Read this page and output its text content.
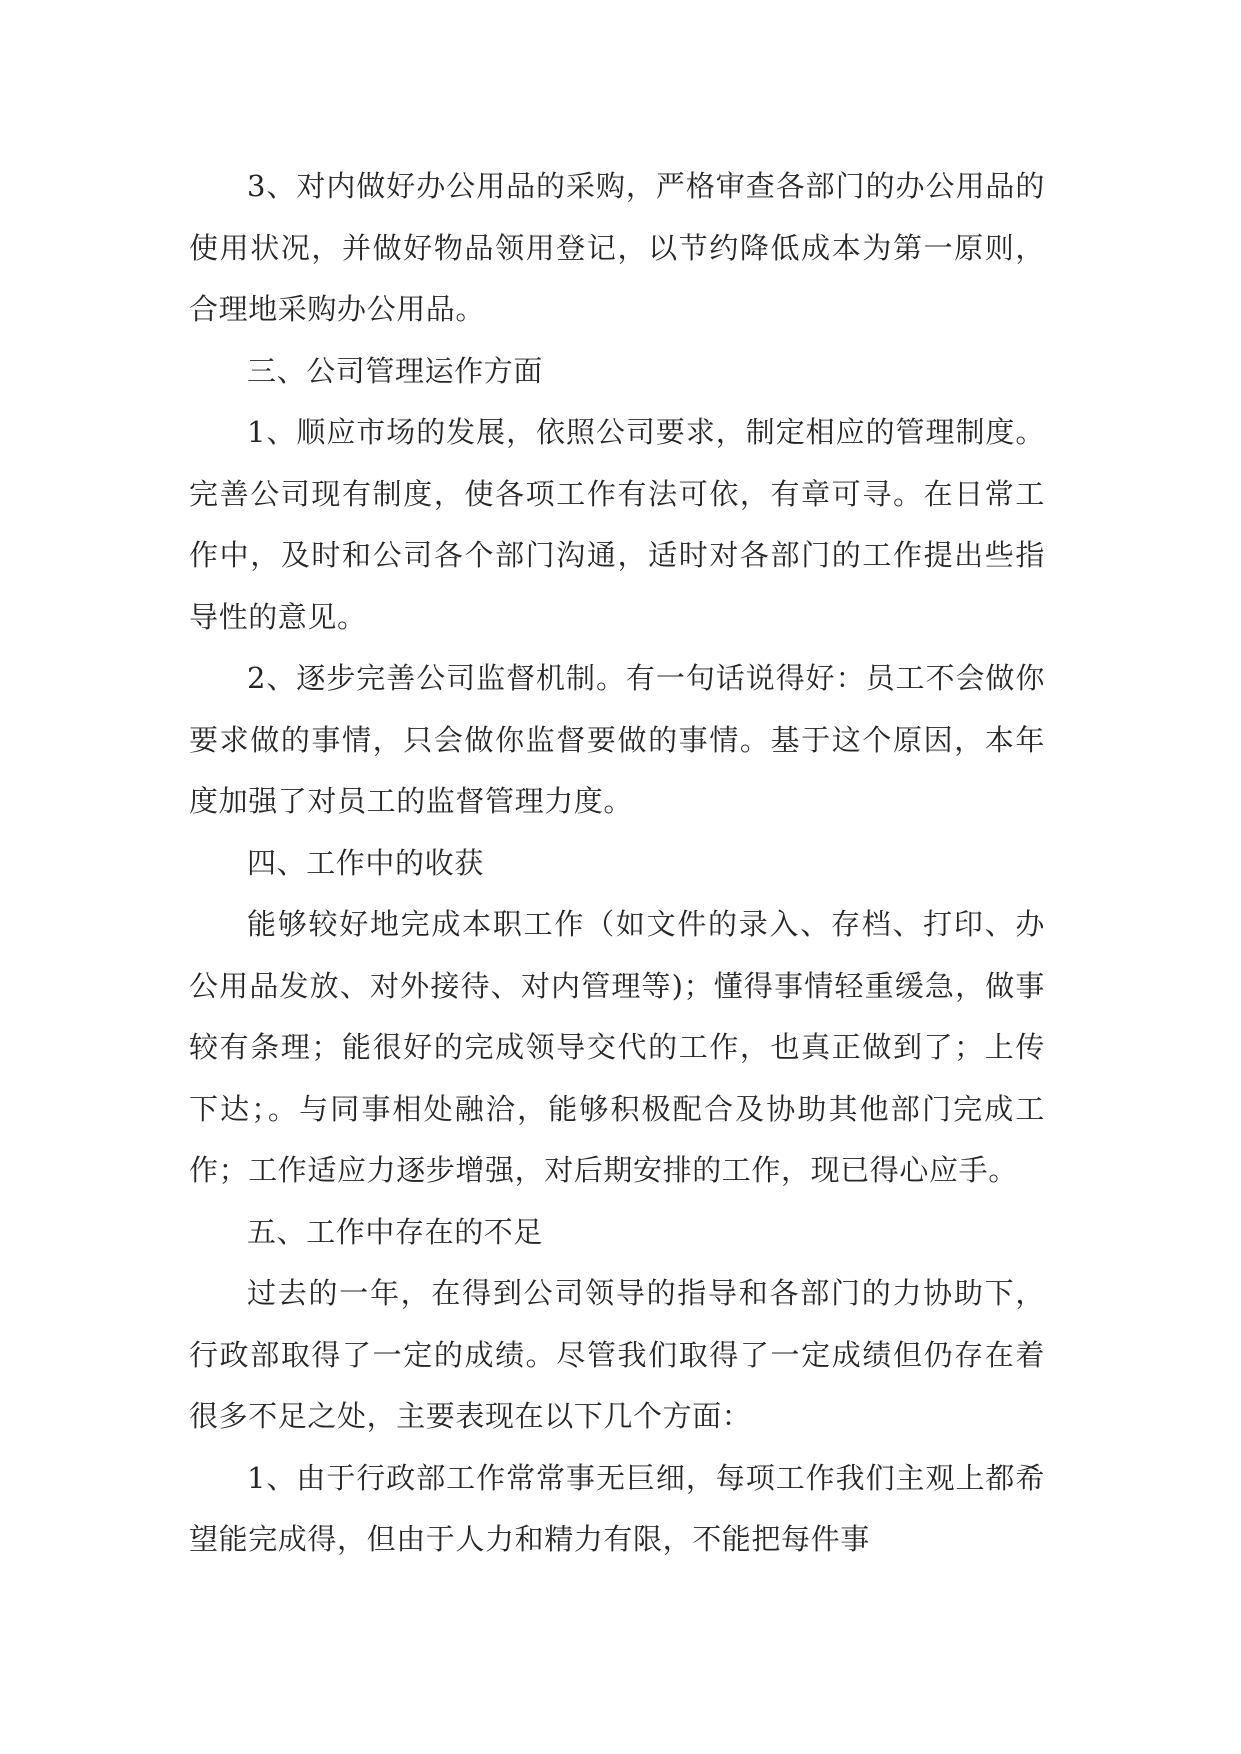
3、对内做好办公用品的采购，严格审查各部门的办公用品的使用状况，并做好物品领用登记，以节约降低成本为第一原则，合理地采购办公用品。

三、公司管理运作方面

1、顺应市场的发展，依照公司要求，制定相应的管理制度。完善公司现有制度，使各项工作有法可依，有章可寻。在日常工作中，及时和公司各个部门沟通，适时对各部门的工作提出些指导性的意见。

2、逐步完善公司监督机制。有一句话说得好：员工不会做你要求做的事情，只会做你监督要做的事情。基于这个原因，本年度加强了对员工的监督管理力度。

四、工作中的收获

能够较好地完成本职工作（如文件的录入、存档、打印、办公用品发放、对外接待、对内管理等)；懂得事情轻重缓急，做事较有条理；能很好的完成领导交代的工作，也真正做到了；上传下达；。与同事相处融洽，能够积极配合及协助其他部门完成工作；工作适应力逐步增强，对后期安排的工作，现已得心应手。

五、工作中存在的不足

过去的一年，在得到公司领导的指导和各部门的力协助下，行政部取得了一定的成绩。尽管我们取得了一定成绩但仍存在着很多不足之处，主要表现在以下几个方面：

1、由于行政部工作常常事无巨细，每项工作我们主观上都希望能完成得，但由于人力和精力有限，不能把每件事
